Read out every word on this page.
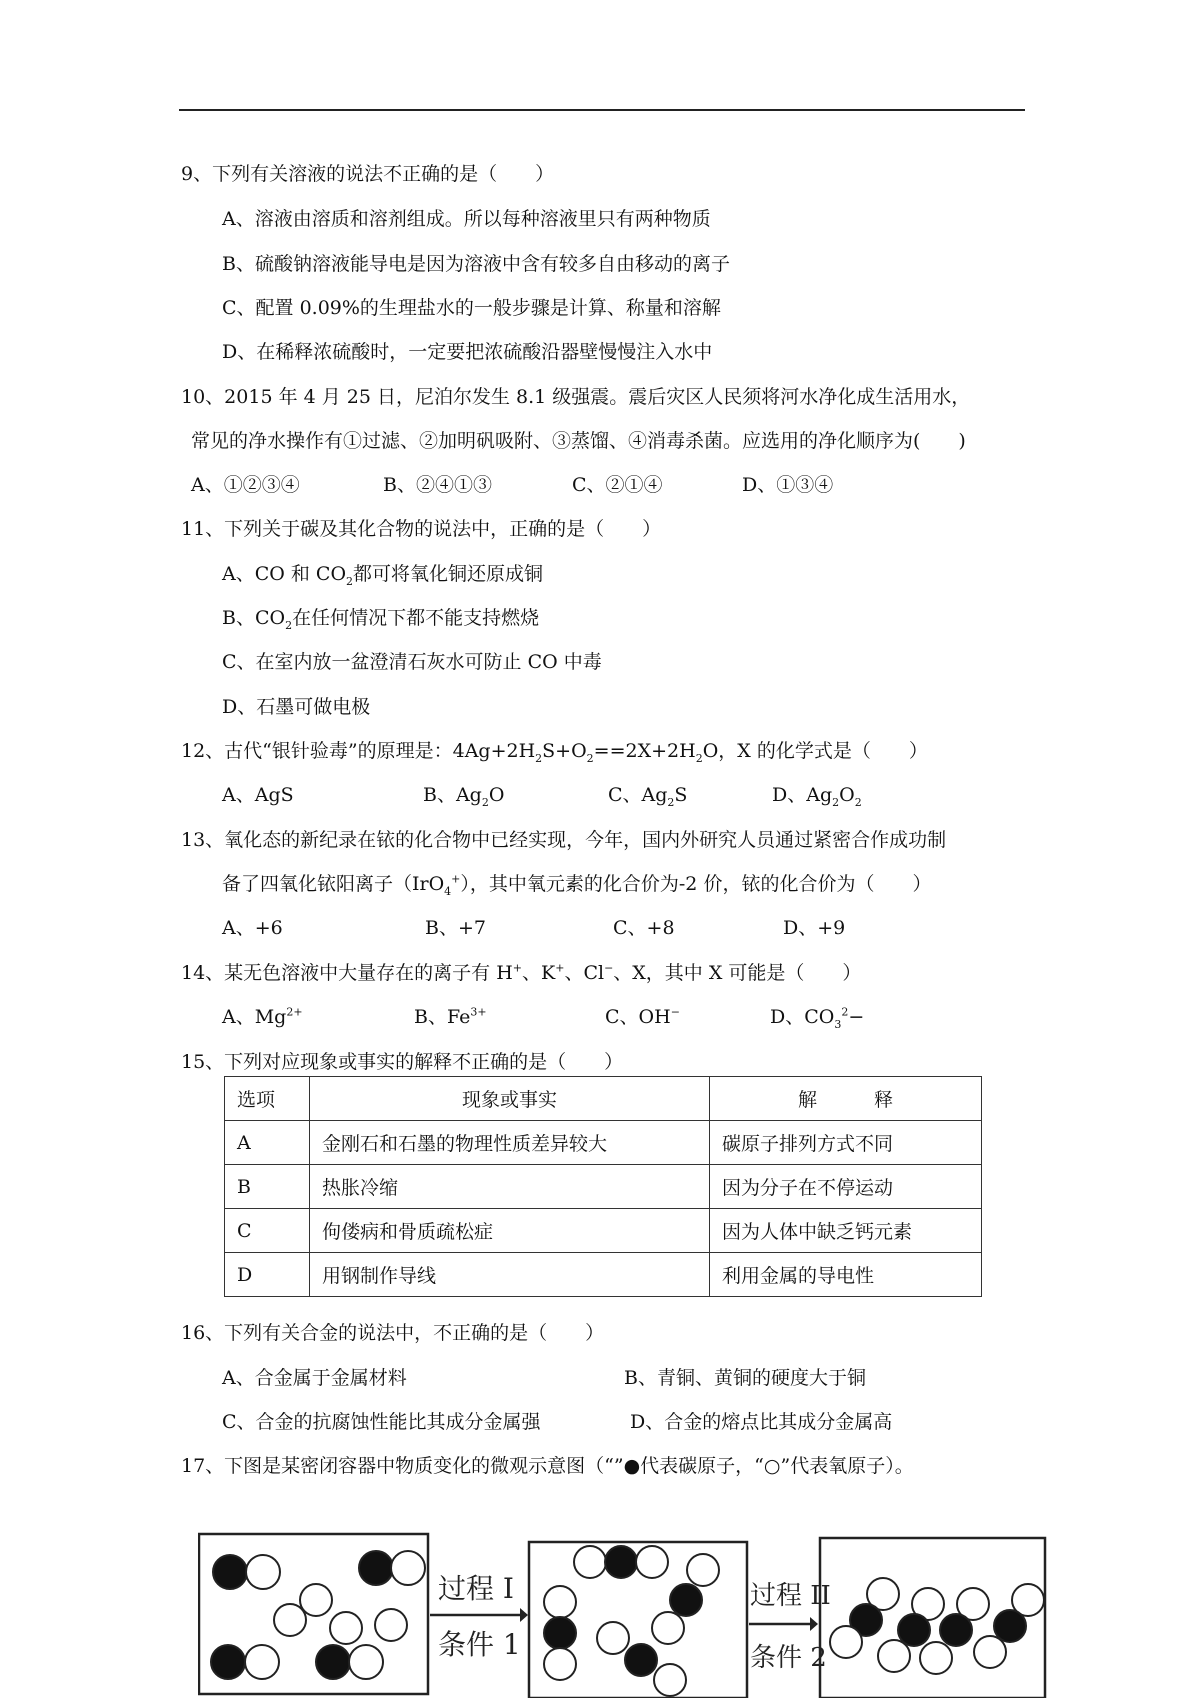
9、下列有关溶液的说法不正确的是（　　）
A、溶液由溶质和溶剂组成。所以每种溶液里只有两种物质
B、硫酸钠溶液能导电是因为溶液中含有较多自由移动的离子
C、配置 0.09%的生理盐水的一般步骤是计算、称量和溶解
D、在稀释浓硫酸时，一定要把浓硫酸沿器壁慢慢注入水中
10、2015 年 4 月 25 日，尼泊尔发生 8.1 级强震。震后灾区人民须将河水净化成生活用水，
常见的净水操作有①过滤、②加明矾吸附、③蒸馏、④消毒杀菌。应选用的净化顺序为(　　)
A、①②③④	B、②④①③	C、②①④	D、①③④
11、下列关于碳及其化合物的说法中，正确的是（　　）
A、CO 和 $CO_2$都可将氧化铜还原成铜
B、$CO_2$在任何情况下都不能支持燃烧
C、在室内放一盆澄清石灰水可防止 CO 中毒
D、石墨可做电极
12、古代“银针验毒”的原理是：$4Ag+2H_2S+O_2==2X+2H_2O$，X 的化学式是（　　）
A、AgS	B、$Ag_2O$	C、$Ag_2S$	D、$Ag_2O_2$
13、氧化态的新纪录在铱的化合物中已经实现，今年，国内外研究人员通过紧密合作成功制
备了四氧化铱阳离子（IrO$_4$+），其中氧元素的化合价为-2 价，铱的化合价为（　　）
A、+6	B、+7	C、+8	D、+9
14、某无色溶液中大量存在的离子有 H+、K+、Cl−、X，其中 X 可能是（　　）
A、$Mg^{2+}$	B、$Fe^{3+}$	C、OH−	D、$CO_3^2-$
15、下列对应现象或事实的解释不正确的是（　　）
选项	现象或事实	解　　　释
A	金刚石和石墨的物理性质差异较大	碳原子排列方式不同
B	热胀冷缩	因为分子在不停运动
C	佝偻病和骨质疏松症	因为人体中缺乏钙元素
D	用钢制作导线	利用金属的导电性
16、下列有关合金的说法中，不正确的是（　　）
A、合金属于金属材料	B、青铜、黄铜的硬度大于铜
C、合金的抗腐蚀性能比其成分金属强	D、合金的熔点比其成分金属高
17、下图是某密闭容器中物质变化的微观示意图（“”●代表碳原子，“○”代表氧原子）。
过程 I
条件 1
过程 II
条件 2
